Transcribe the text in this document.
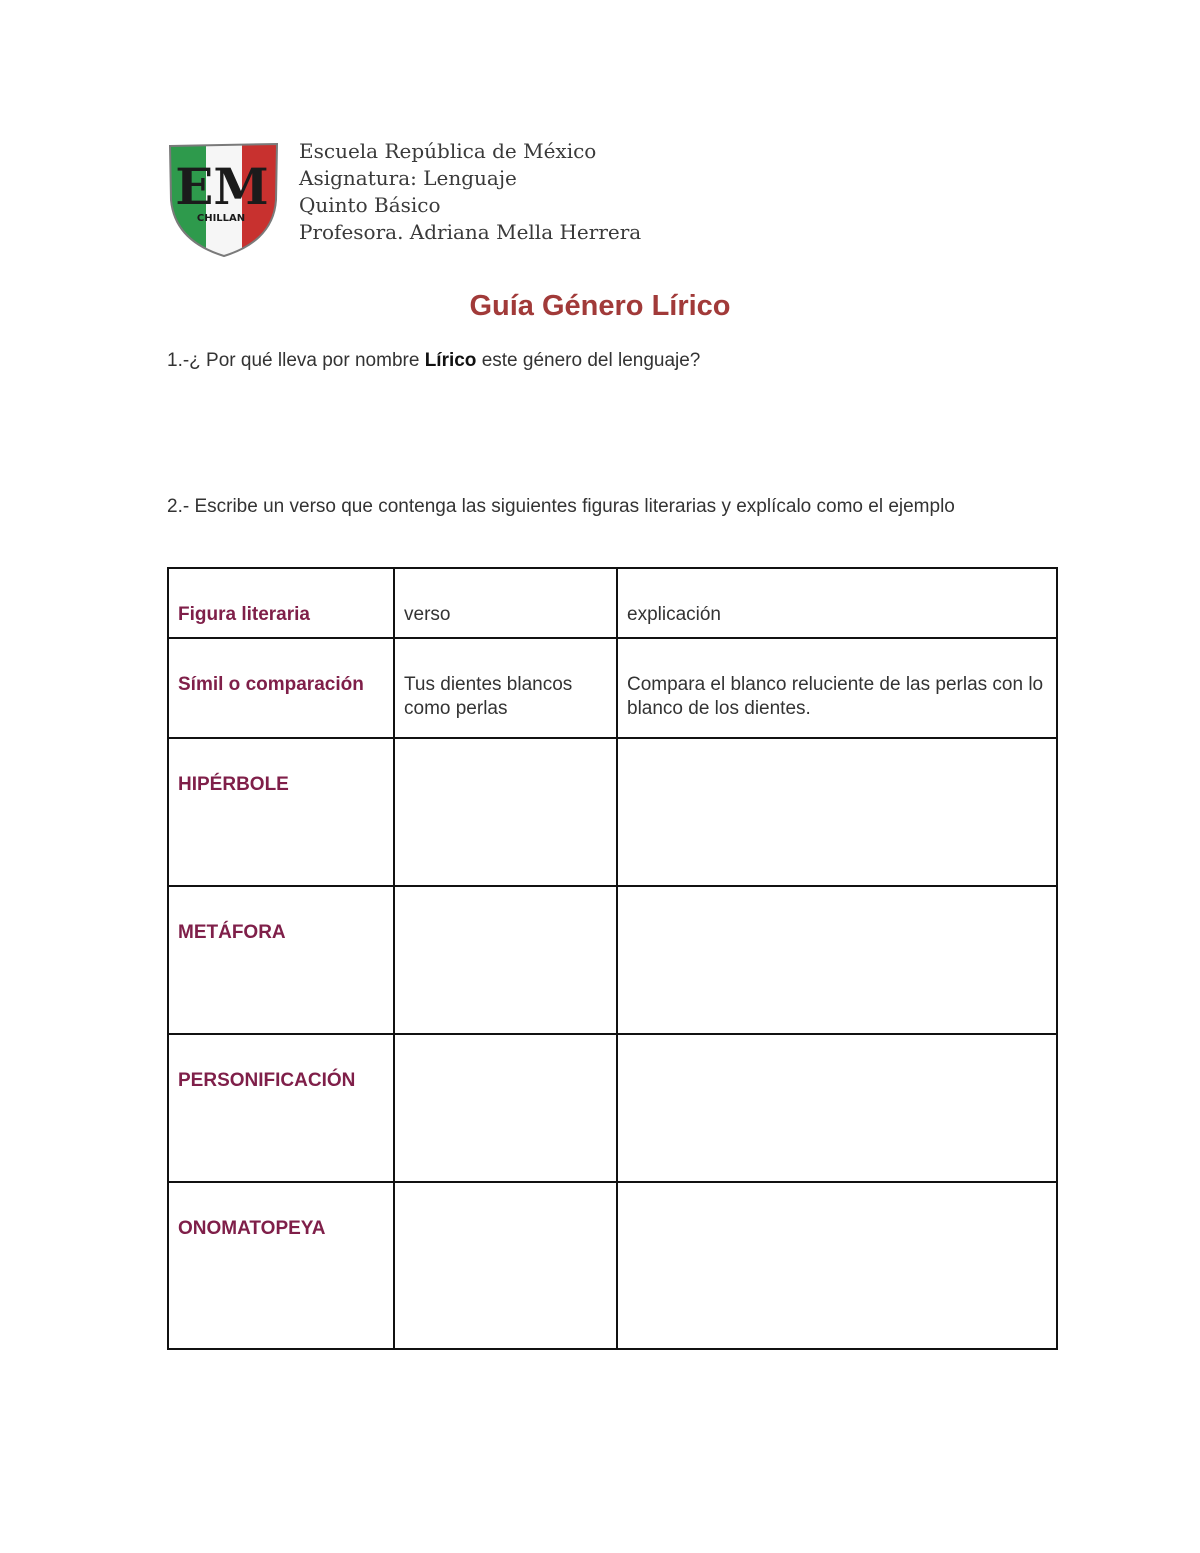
EM
CHILLAN
Escuela República de México
Asignatura: Lenguaje
Quinto Básico
Profesora. Adriana Mella Herrera
Guía Género Lírico
1.-¿ Por qué lleva por nombre Lírico este género del lenguaje?
2.- Escribe un verso que contenga las siguientes figuras literarias y explícalo como el ejemplo
Figura literaria	verso	explicación
Símil o comparación	Tus dientes blancos como perlas	Compara el blanco reluciente de las perlas con lo blanco de los dientes.
HIPÉRBOLE		
METÁFORA		
PERSONIFICACIÓN		
ONOMATOPEYA		
